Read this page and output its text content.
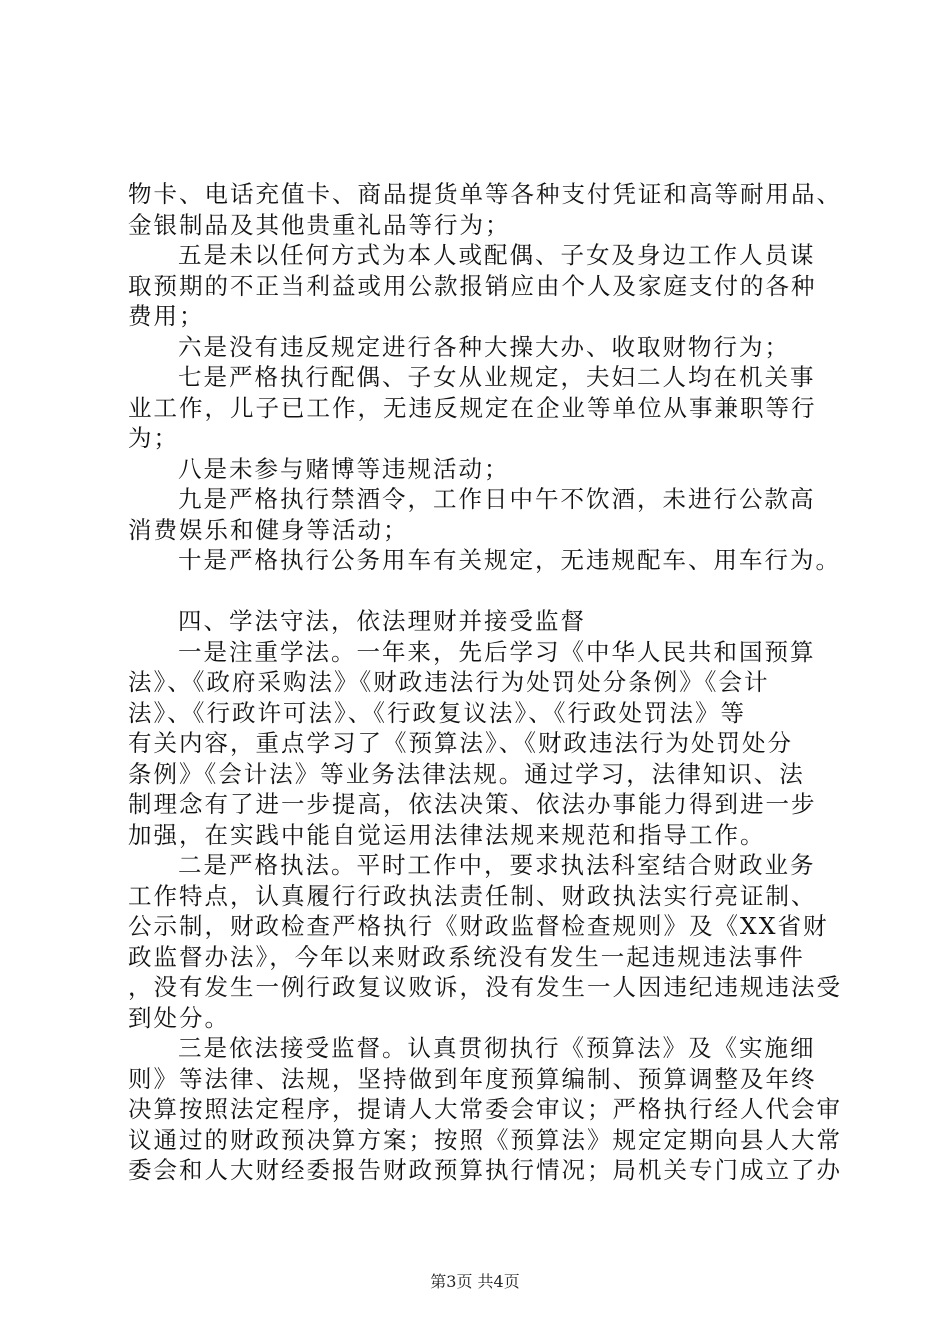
物卡、电话充值卡、商品提货单等各种支付凭证和高等耐用品、
金银制品及其他贵重礼品等行为；
五是未以任何方式为本人或配偶、子女及身边工作人员谋
取预期的不正当利益或用公款报销应由个人及家庭支付的各种
费用；
六是没有违反规定进行各种大操大办、收取财物行为；
七是严格执行配偶、子女从业规定，夫妇二人均在机关事
业工作，儿子已工作，无违反规定在企业等单位从事兼职等行
为；
八是未参与赌博等违规活动；
九是严格执行禁酒令，工作日中午不饮酒，未进行公款高
消费娱乐和健身等活动；
十是严格执行公务用车有关规定，无违规配车、用车行为。
四、学法守法，依法理财并接受监督
一是注重学法。一年来，先后学习《中华人民共和国预算
法》、《政府采购法》《财政违法行为处罚处分条例》《会计
法》、《行政许可法》、《行政复议法》、《行政处罚法》等
有关内容，重点学习了《预算法》、《财政违法行为处罚处分
条例》《会计法》等业务法律法规。通过学习，法律知识、法
制理念有了进一步提高，依法决策、依法办事能力得到进一步
加强，在实践中能自觉运用法律法规来规范和指导工作。
二是严格执法。平时工作中，要求执法科室结合财政业务
工作特点，认真履行行政执法责任制、财政执法实行亮证制、
公示制，财政检查严格执行《财政监督检查规则》及《XX省财
政监督办法》，今年以来财政系统没有发生一起违规违法事件
，没有发生一例行政复议败诉，没有发生一人因违纪违规违法受
到处分。
三是依法接受监督。认真贯彻执行《预算法》及《实施细
则》等法律、法规，坚持做到年度预算编制、预算调整及年终
决算按照法定程序，提请人大常委会审议；严格执行经人代会审
议通过的财政预决算方案；按照《预算法》规定定期向县人大常
委会和人大财经委报告财政预算执行情况；局机关专门成立了办
第3页 共4页
